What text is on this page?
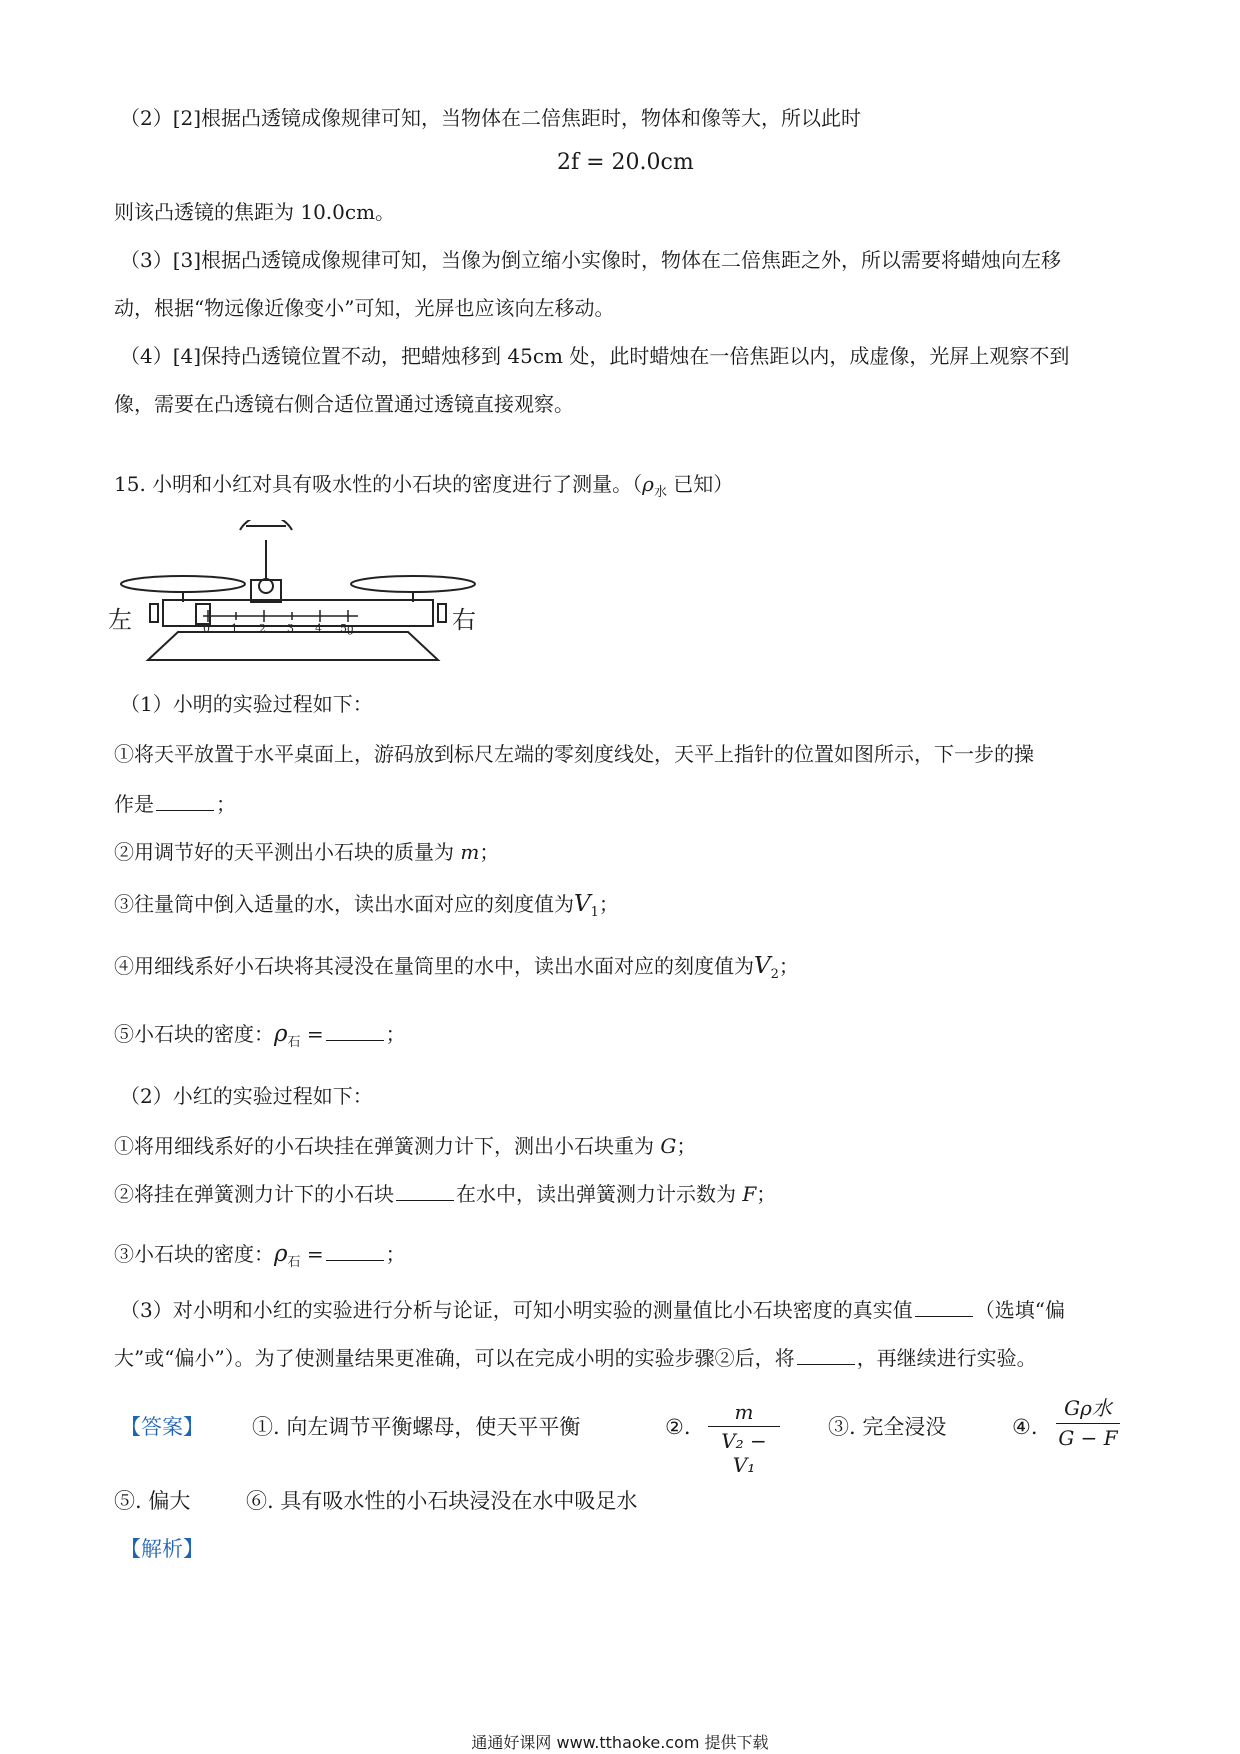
（2）[2]根据凸透镜成像规律可知，当物体在二倍焦距时，物体和像等大，所以此时
2f = 20.0cm
则该凸透镜的焦距为 10.0cm。
（3）[3]根据凸透镜成像规律可知，当像为倒立缩小实像时，物体在二倍焦距之外，所以需要将蜡烛向左移
动，根据“物远像近像变小”可知，光屏也应该向左移动。
（4）[4]保持凸透镜位置不动，把蜡烛移到 45cm 处，此时蜡烛在一倍焦距以内，成虚像，光屏上观察不到
像，需要在凸透镜右侧合适位置通过透镜直接观察。
15. 小明和小红对具有吸水性的小石块的密度进行了测量。（$\rho_水$ 已知）
0 1 2 3 4 5g
左	右
（1）小明的实验过程如下：
①将天平放置于水平桌面上，游码放到标尺左端的零刻度线处，天平上指针的位置如图所示，下一步的操
作是	；
②用调节好的天平测出小石块的质量为 m；
③往量筒中倒入适量的水，读出水面对应的刻度值为$V_1$；
④用细线系好小石块将其浸没在量筒里的水中，读出水面对应的刻度值为$V_2$；
⑤小石块的密度：$\rho_石$ =	；
（2）小红的实验过程如下：
①将用细线系好的小石块挂在弹簧测力计下，测出小石块重为 G；
②将挂在弹簧测力计下的小石块	在水中，读出弹簧测力计示数为 F；
③小石块的密度：$\rho_石$ =	；
（3）对小明和小红的实验进行分析与论证，可知小明实验的测量值比小石块密度的真实值	（选填“偏
大”或“偏小”）。为了使测量结果更准确，可以在完成小明的实验步骤②后，将	，再继续进行实验。
【答案】 ①. 向左调节平衡螺母，使天平平衡	②.
m
V₂ − V₁
③. 完全浸没	④.
Gρ水
G − F
⑤. 偏大	⑥. 具有吸水性的小石块浸没在水中吸足水
【解析】
通通好课网 www.tthaoke.com 提供下载
